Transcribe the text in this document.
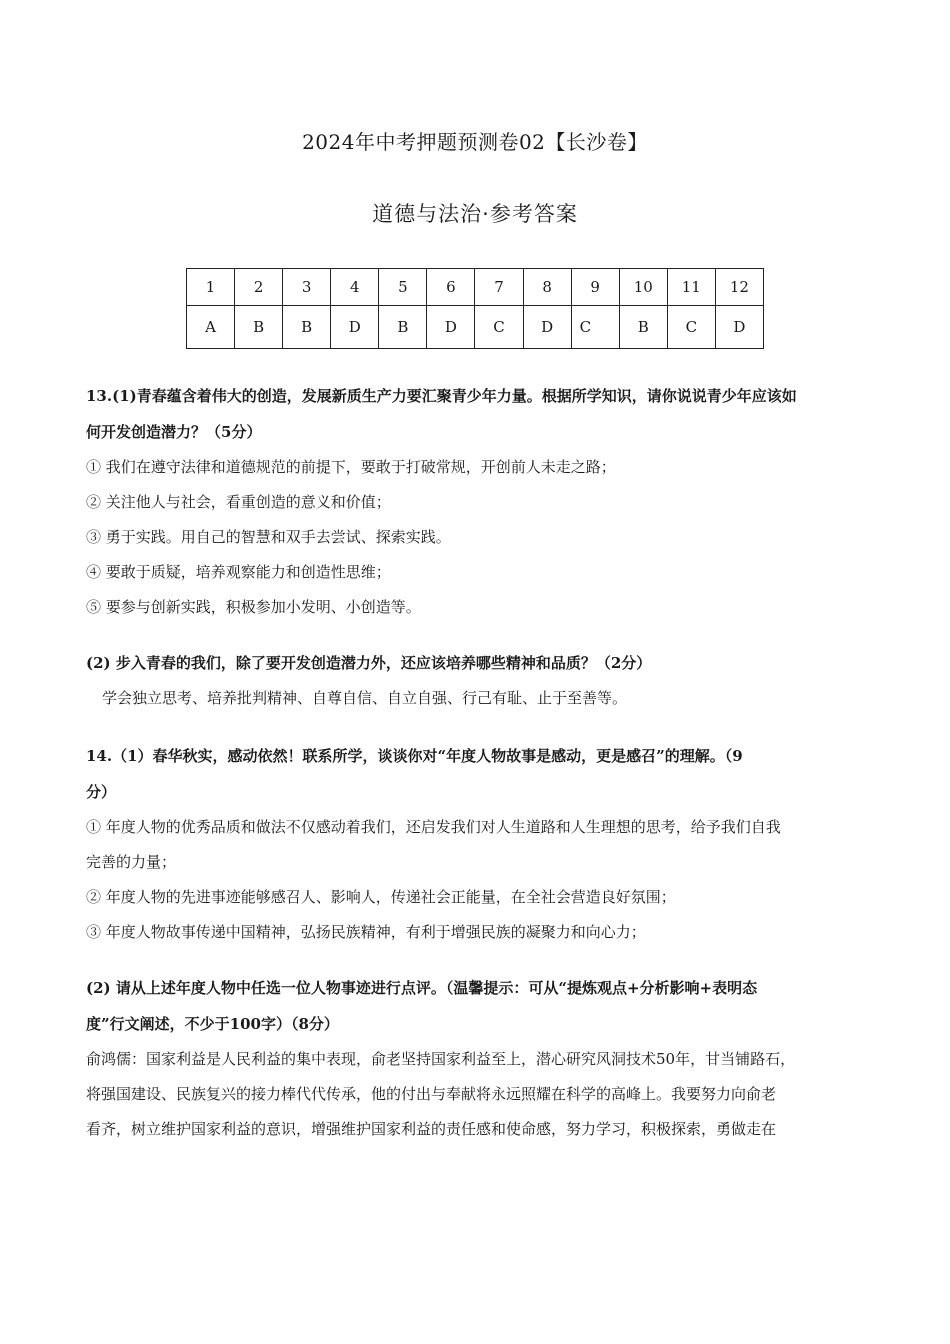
2024年中考押题预测卷02【长沙卷】
道德与法治·参考答案
1	2	3	4	5	6	7	8	9	10	11	12
A	B	B	D	B	D	C	D	C	B	C	D

13.(1)青春蕴含着伟大的创造，发展新质生产力要汇聚青少年力量。根据所学知识，请你说说青少年应该如

何开发创造潜力？（5分）

① 我们在遵守法律和道德规范的前提下，要敢于打破常规，开创前人未走之路；

② 关注他人与社会，看重创造的意义和价值；

③ 勇于实践。用自己的智慧和双手去尝试、探索实践。

④ 要敢于质疑，培养观察能力和创造性思维；

⑤ 要参与创新实践，积极参加小发明、小创造等。

(2) 步入青春的我们，除了要开发创造潜力外，还应该培养哪些精神和品质？（2分）

学会独立思考、培养批判精神、自尊自信、自立自强、行己有耻、止于至善等。

14.（1）春华秋实，感动依然！联系所学，谈谈你对“年度人物故事是感动，更是感召”的理解。（9

分）

① 年度人物的优秀品质和做法不仅感动着我们，还启发我们对人生道路和人生理想的思考，给予我们自我

完善的力量；

② 年度人物的先进事迹能够感召人、影响人，传递社会正能量，在全社会营造良好氛围；

③ 年度人物故事传递中国精神，弘扬民族精神，有利于增强民族的凝聚力和向心力；

(2) 请从上述年度人物中任选一位人物事迹进行点评。（温馨提示：可从“提炼观点+分析影响+表明态

度”行文阐述，不少于100字）（8分）

俞鸿儒：国家利益是人民利益的集中表现，俞老坚持国家利益至上，潜心研究风洞技术50年，甘当铺路石，

将强国建设、民族复兴的接力棒代代传承，他的付出与奉献将永远照耀在科学的高峰上。我要努力向俞老

看齐，树立维护国家利益的意识，增强维护国家利益的责任感和使命感，努力学习，积极探索，勇做走在
